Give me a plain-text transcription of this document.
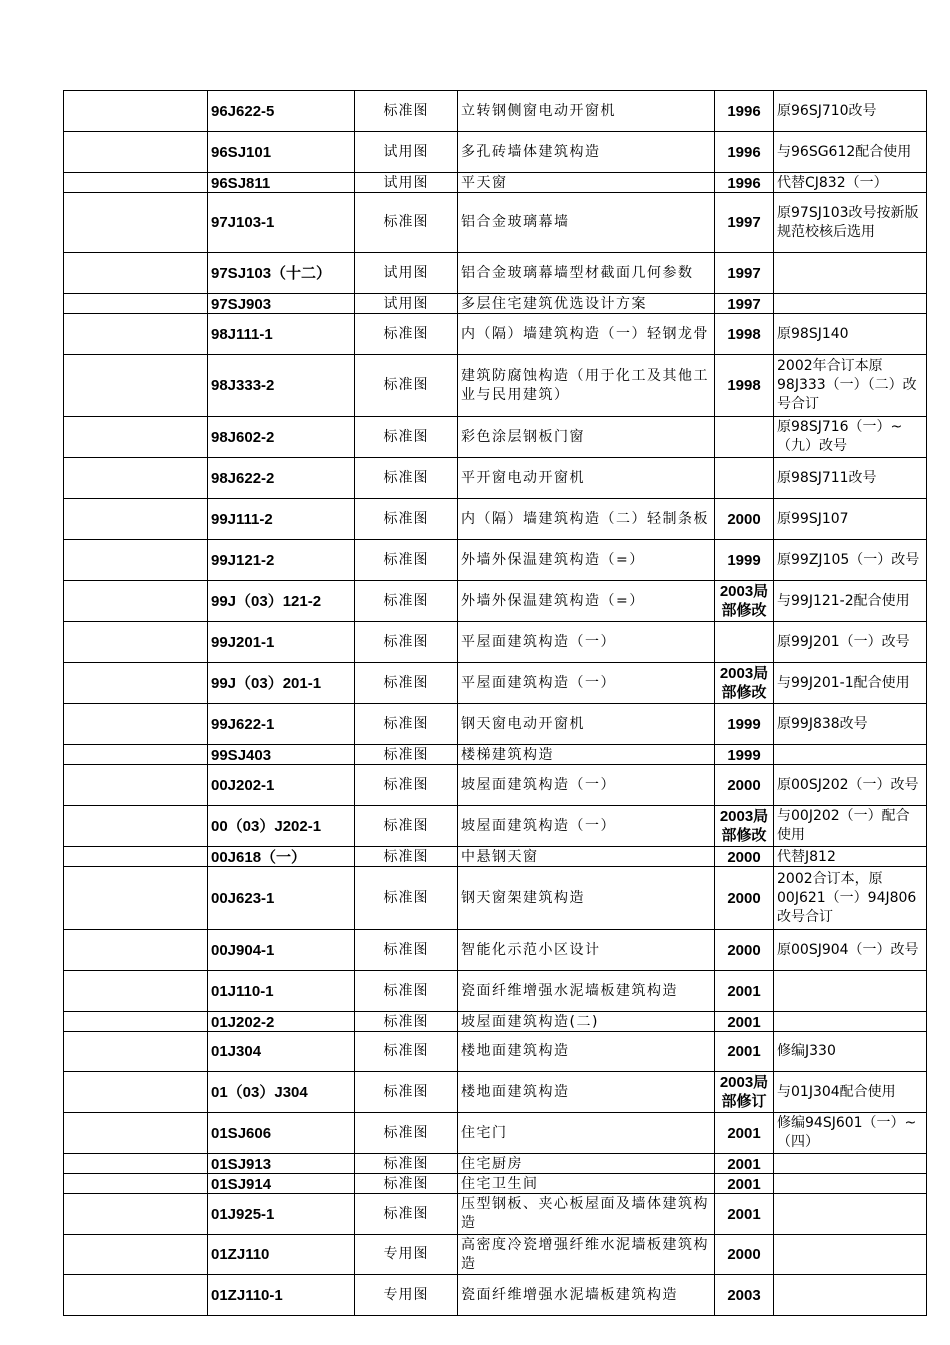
	96J622-5	标准图	立转钢侧窗电动开窗机	1996	原96SJ710改号

	96SJ101	试用图	多孔砖墙体建筑构造	1996	与96SG612配合使用

	96SJ811	试用图	平天窗	1996	代替CJ832（一）

	97J103-1	标准图	铝合金玻璃幕墙	1997	原97SJ103改号按新版规范校核后选用

	97SJ103（十二）	试用图	铝合金玻璃幕墙型材截面几何参数	1997	

	97SJ903	试用图	多层住宅建筑优选设计方案	1997	

	98J111-1	标准图	内（隔）墙建筑构造（一）轻钢龙骨	1998	原98SJ140

	98J333-2	标准图	建筑防腐蚀构造（用于化工及其他工业与民用建筑）	1998	2002年合订本原98J333（一）（二）改号合订

	98J602-2	标准图	彩色涂层钢板门窗		原98SJ716（一）~（九）改号

	98J622-2	标准图	平开窗电动开窗机		原98SJ711改号

	99J111-2	标准图	内（隔）墙建筑构造（二）轻制条板	2000	原99SJ107

	99J121-2	标准图	外墙外保温建筑构造（=）	1999	原99ZJ105（一）改号

	99J（03）121-2	标准图	外墙外保温建筑构造（=）	2003局部修改	与99J121-2配合使用

	99J201-1	标准图	平屋面建筑构造（一）		原99J201（一）改号

	99J（03）201-1	标准图	平屋面建筑构造（一）	2003局部修改	与99J201-1配合使用

	99J622-1	标准图	钢天窗电动开窗机	1999	原99J838改号

	99SJ403	标准图	楼梯建筑构造	1999	

	00J202-1	标准图	坡屋面建筑构造（一）	2000	原00SJ202（一）改号

	00（03）J202-1	标准图	坡屋面建筑构造（一）	2003局部修改	与00J202（一）配合使用

	00J618（一）	标准图	中悬钢天窗	2000	代替J812

	00J623-1	标准图	钢天窗架建筑构造	2000	2002合订本，原00J621（一）94J806改号合订

	00J904-1	标准图	智能化示范小区设计	2000	原00SJ904（一）改号

	01J110-1	标准图	瓷面纤维增强水泥墙板建筑构造	2001	

	01J202-2	标准图	坡屋面建筑构造(二)	2001	

	01J304	标准图	楼地面建筑构造	2001	修编J330

	01（03）J304	标准图	楼地面建筑构造	2003局部修订	与01J304配合使用

	01SJ606	标准图	住宅门	2001	修编94SJ601（一）~（四）

	01SJ913	标准图	住宅厨房	2001	

	01SJ914	标准图	住宅卫生间	2001	

	01J925-1	标准图	压型钢板、夹心板屋面及墙体建筑构造	2001	

	01ZJ110	专用图	高密度冷瓷增强纤维水泥墙板建筑构造	2000	

	01ZJ110-1	专用图	瓷面纤维增强水泥墙板建筑构造	2003	
